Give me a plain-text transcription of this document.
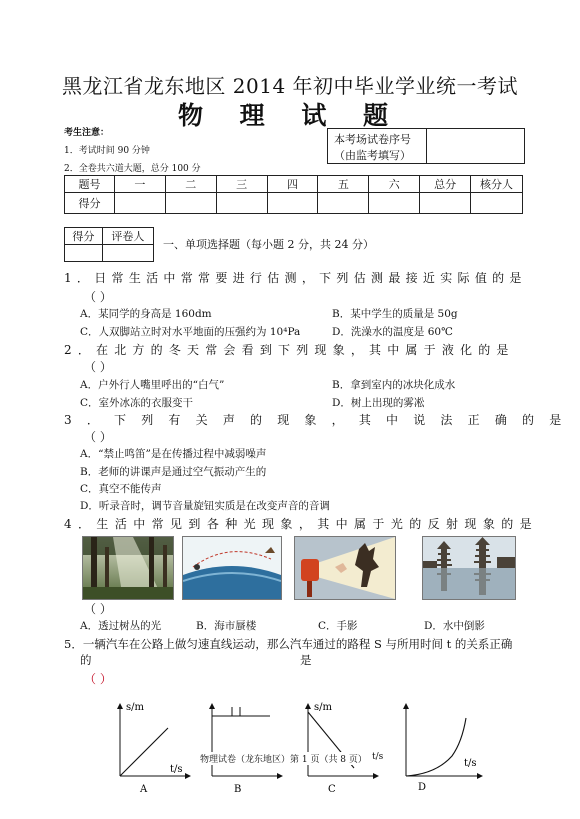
黑龙江省龙东地区 2014 年初中毕业学业统一考试
物 理 试 题
考生注意：
1．考试时间 90 分钟
2．全卷共六道大题，总分 100 分
本考场试卷序号
（由监考填写）
题号	一	二	三	四	五	六	总分	核分人
得分								
得分	评卷人

一、单项选择题（每小题 2 分，共 24 分）
1．日常生活中常常要进行估测，下列估测最接近实际值的是
（ ）
A．某同学的身高是 160dm	B．某中学生的质量是 50g
C．人双脚站立时对水平地面的压强约为 10⁴Pa	D．洗澡水的温度是 60℃
2．在北方的冬天常会看到下列现象，其中属于液化的是
（ ）
A．户外行人嘴里呼出的“白气”	B．拿到室内的冰块化成水
C．室外冰冻的衣服变干	D．树上出现的雾凇
3．下列有关声的现象，其中说法正确的是
（ ）
A．“禁止鸣笛”是在传播过程中减弱噪声
B．老师的讲课声是通过空气振动产生的
C．真空不能传声
D．听录音时，调节音量旋钮实质是在改变声音的音调
4．生活中常见到各种光现象，其中属于光的反射现象的是
（ ）
A．透过树丛的光	B．海市蜃楼	C．手影	D．水中倒影
5．一辆汽车在公路上做匀速直线运动，那么汽车通过的路程 S 与所用时间 t 的关系正确
的	是
（ ）
s/m
t/s
A	B
s/m
C
t/s
D
物理试卷（龙东地区）第 1 页（共 8 页） t/s
